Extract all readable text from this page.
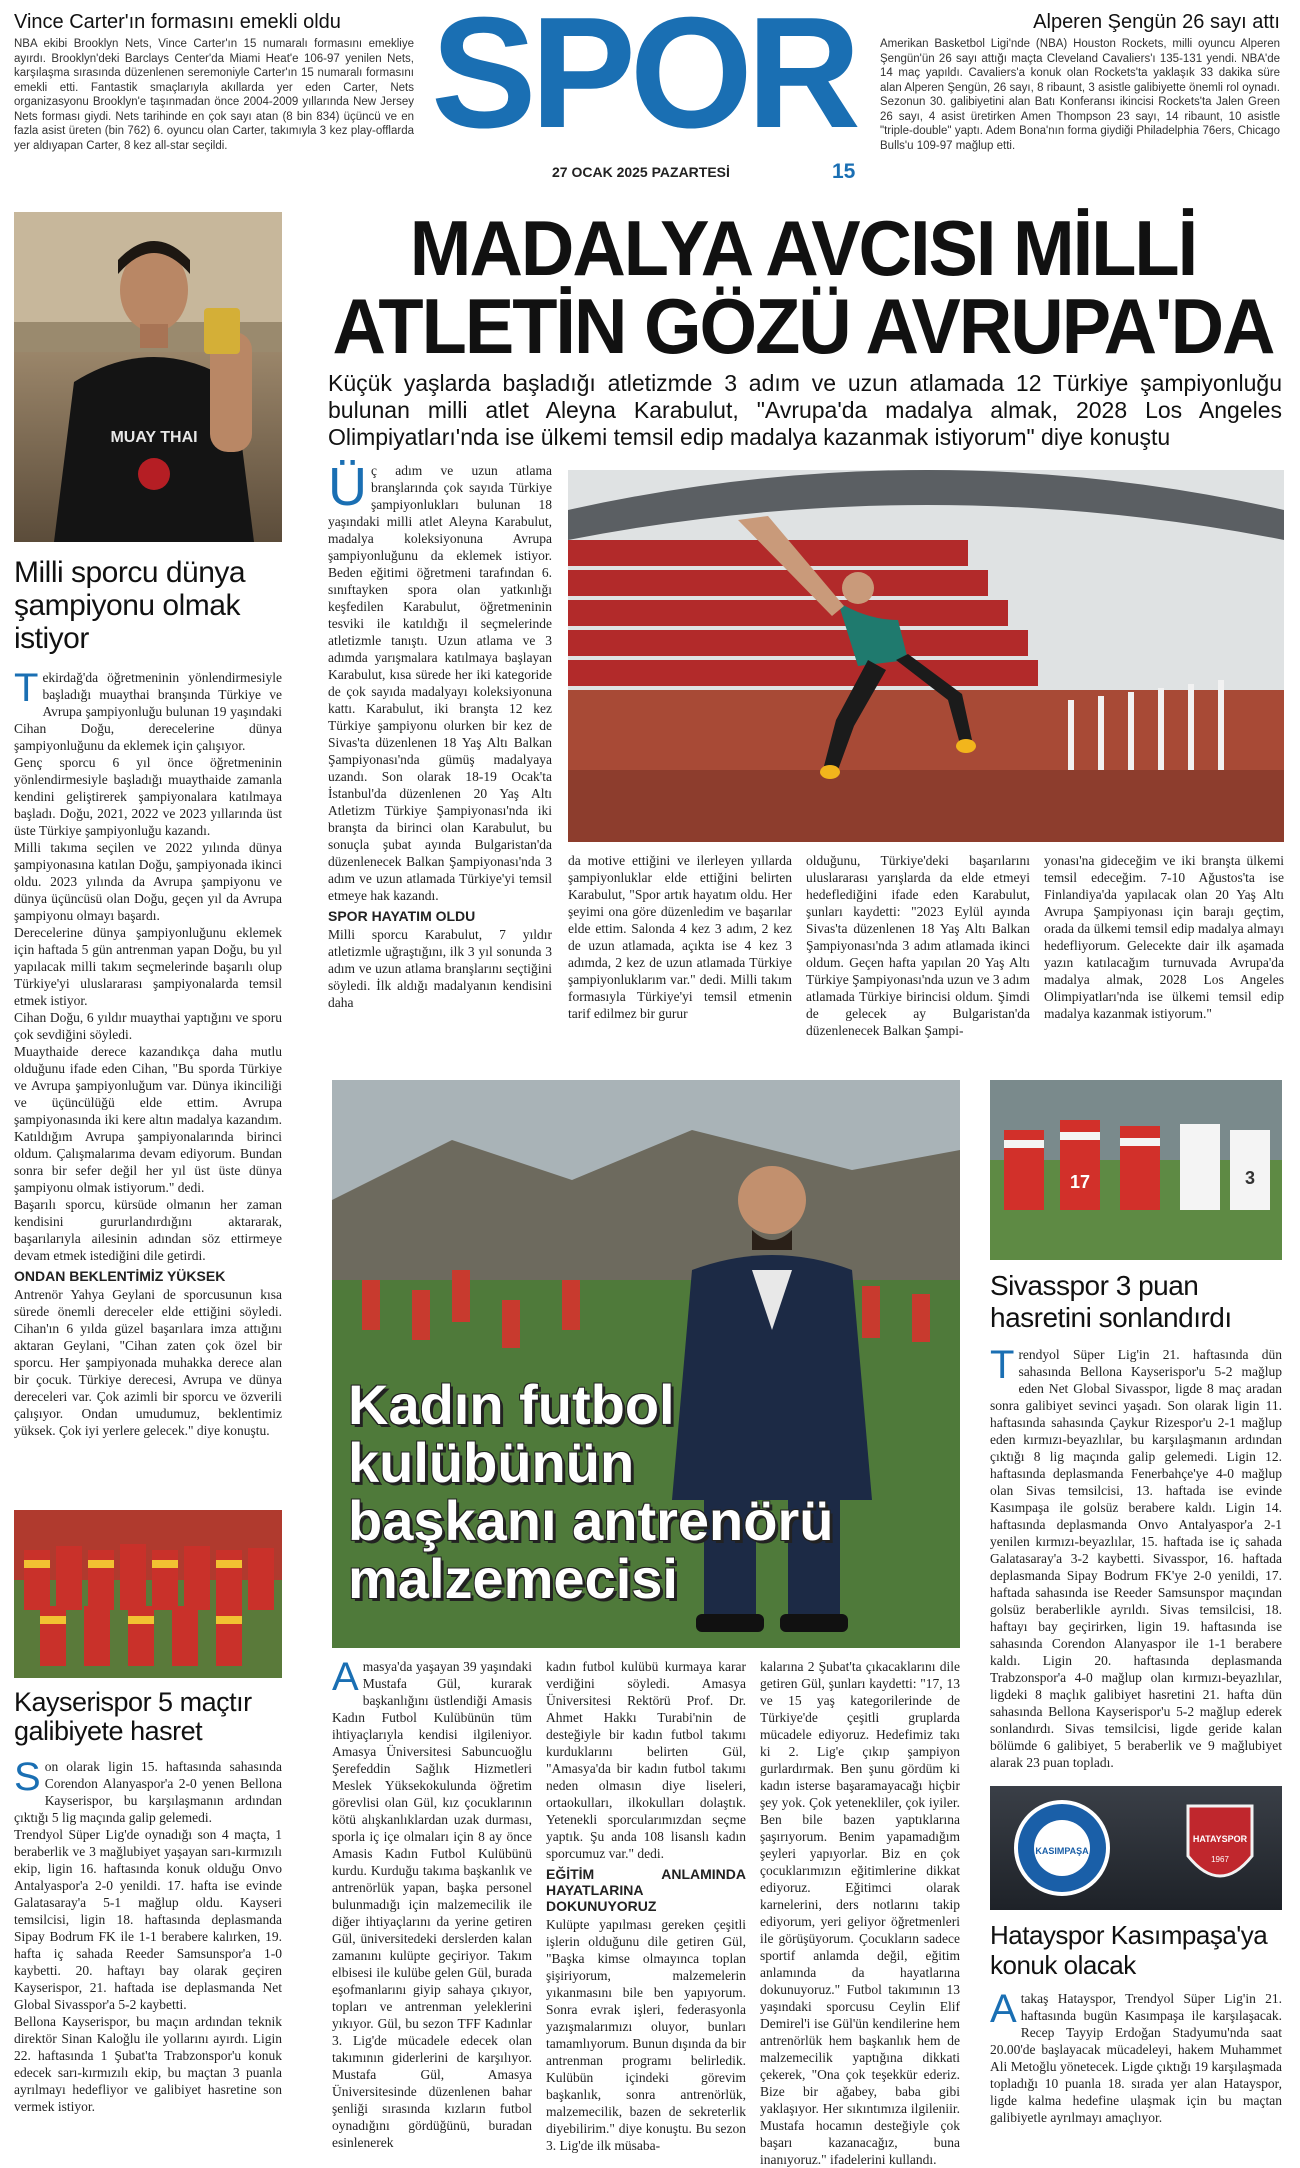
Vince Carter'ın formasını emekli oldu
NBA ekibi Brooklyn Nets, Vince Carter'ın 15 numaralı formasını emekliye ayırdı. Brooklyn'deki Barclays Center'da Miami Heat'e 106-97 yenilen Nets, karşılaşma sırasında düzenlenen seremoniyle Carter'ın 15 numaralı formasını emekli etti. Fantastik smaçlarıyla akıllarda yer eden Carter, Nets organizasyonu Brooklyn'e taşınmadan önce 2004-2009 yıllarında New Jersey Nets forması giydi. Nets tarihinde en çok sayı atan (8 bin 834) üçüncü ve en fazla asist üreten (bin 762) 6. oyuncu olan Carter, takımıyla 3 kez play-offlarda yer aldıyapan Carter, 8 kez all-star seçildi.	SPOR
27 OCAK 2025 PAZARTESİ	15
Alperen Şengün 26 sayı attı
Amerikan Basketbol Ligi'nde (NBA) Houston Rockets, milli oyuncu Alperen Şengün'ün 26 sayı attığı maçta Cleveland Cavaliers'ı 135-131 yendi. NBA'de 14 maç yapıldı. Cavaliers'a konuk olan Rockets'ta yaklaşık 33 dakika süre alan Alperen Şengün, 26 sayı, 8 ribaunt, 3 asistle galibiyette önemli rol oynadı. Sezonun 30. galibiyetini alan Batı Konferansı ikincisi Rockets'ta Jalen Green 26 sayı, 4 asist üretirken Amen Thompson 23 sayı, 14 ribaunt, 10 asistle "triple-double" yaptı. Adem Bona'nın forma giydiği Philadelphia 76ers, Chicago Bulls'u 109-97 mağlup etti.
MADALYA AVCISI MİLLİ
ATLETİN GÖZÜ AVRUPA'DA
Küçük yaşlarda başladığı atletizmde 3 adım ve uzun atlamada 12 Türkiye şampiyonluğu bulunan milli atlet Aleyna Karabulut, "Avrupa'da madalya almak, 2028 Los Angeles Olimpiyatları'nda ise ülkemi temsil edip madalya kazanmak istiyorum" diye konuştu
MUAY THAI
Milli sporcu dünya şampiyonu olmak istiyor

Tekirdağ'da öğretmeninin yönlendirmesiyle başladığı muaythai branşında Türkiye ve Avrupa şampiyonluğu bulunan 19 yaşındaki Cihan Doğu, derecelerine dünya şampiyonluğunu da eklemek için çalışıyor.

Genç sporcu 6 yıl önce öğretmeninin yönlendirmesiyle başladığı muaythaide zamanla kendini geliştirerek şampiyonalara katılmaya başladı. Doğu, 2021, 2022 ve 2023 yıllarında üst üste Türkiye şampiyonluğu kazandı.

Milli takıma seçilen ve 2022 yılında dünya şampiyonasına katılan Doğu, şampiyonada ikinci oldu. 2023 yılında da Avrupa şampiyonu ve dünya üçüncüsü olan Doğu, geçen yıl da Avrupa şampiyonu olmayı başardı.

Derecelerine dünya şampiyonluğunu eklemek için haftada 5 gün antrenman yapan Doğu, bu yıl yapılacak milli takım seçmelerinde başarılı olup Türkiye'yi uluslararası şampiyonalarda temsil etmek istiyor.

Cihan Doğu, 6 yıldır muaythai yaptığını ve sporu çok sevdiğini söyledi.

Muaythaide derece kazandıkça daha mutlu olduğunu ifade eden Cihan, "Bu sporda Türkiye ve Avrupa şampiyonluğum var. Dünya ikinciliği ve üçüncülüğü elde ettim. Avrupa şampiyonasında iki kere altın madalya kazandım. Katıldığım Avrupa şampiyonalarında birinci oldum. Çalışmalarıma devam ediyorum. Bundan sonra bir sefer değil her yıl üst üste dünya şampiyonu olmak istiyorum." dedi.

Başarılı sporcu, kürsüde olmanın her zaman kendisini gururlandırdığını aktararak, başarılarıyla ailesinin adından söz ettirmeye devam etmek istediğini dile getirdi.

ONDAN BEKLENTİMİZ YÜKSEK

Antrenör Yahya Geylani de sporcusunun kısa sürede önemli dereceler elde ettiğini söyledi. Cihan'ın 6 yılda güzel başarılara imza attığını aktaran Geylani, "Cihan zaten çok özel bir sporcu. Her şampiyonada muhakka derece alan bir çocuk. Türkiye derecesi, Avrupa ve dünya dereceleri var. Çok azimli bir sporcu ve özverili çalışıyor. Ondan umudumuz, beklentimiz yüksek. Çok iyi yerlere gelecek." diye konuştu.

Kayserispor 5 maçtır galibiyete hasret

Son olarak ligin 15. haftasında sahasında Corendon Alanyaspor'a 2-0 yenen Bellona Kayserispor, bu karşılaşmanın ardından çıktığı 5 lig maçında galip gelemedi.

Trendyol Süper Lig'de oynadığı son 4 maçta, 1 beraberlik ve 3 mağlubiyet yaşayan sarı-kırmızılı ekip, ligin 16. haftasında konuk olduğu Onvo Antalyaspor'a 2-0 yenildi. 17. hafta ise evinde Galatasaray'a 5-1 mağlup oldu. Kayseri temsilcisi, ligin 18. haftasında deplasmanda Sipay Bodrum FK ile 1-1 berabere kalırken, 19. hafta iç sahada Reeder Samsunspor'a 1-0 kaybetti. 20. haftayı bay olarak geçiren Kayserispor, 21. haftada ise deplasmanda Net Global Sivasspor'a 5-2 kaybetti.

Bellona Kayserispor, bu maçın ardından teknik direktör Sinan Kaloğlu ile yollarını ayırdı. Ligin 22. haftasında 1 Şubat'ta Trabzonspor'u konuk edecek sarı-kırmızılı ekip, bu maçtan 3 puanla ayrılmayı hedefliyor ve galibiyet hasretine son vermek istiyor.

Üç adım ve uzun atlama branşlarında çok sayıda Türkiye şampiyonlukları bulunan 18 yaşındaki milli atlet Aleyna Karabulut, madalya koleksiyonuna Avrupa şampiyonluğunu da eklemek istiyor. Beden eğitimi öğretmeni tarafından 6. sınıftayken spora olan yatkınlığı keşfedilen Karabulut, öğretmeninin tesviki ile katıldığı il seçmelerinde atletizmle tanıştı. Uzun atlama ve 3 adımda yarışmalara katılmaya başlayan Karabulut, kısa sürede her iki kategoride de çok sayıda madalyayı koleksiyonuna kattı. Karabulut, iki branşta 12 kez Türkiye şampiyonu olurken bir kez de Sivas'ta düzenlenen 18 Yaş Altı Balkan Şampiyonası'nda gümüş madalyaya uzandı. Son olarak 18-19 Ocak'ta İstanbul'da düzenlenen 20 Yaş Altı Atletizm Türkiye Şampiyonası'nda iki branşta da birinci olan Karabulut, bu sonuçla şubat ayında Bulgaristan'da düzenlenecek Balkan Şampiyonası'nda 3 adım ve uzun atlamada Türkiye'yi temsil etmeye hak kazandı.

SPOR HAYATIM OLDU

Milli sporcu Karabulut, 7 yıldır atletizmle uğraştığını, ilk 3 yıl sonunda 3 adım ve uzun atlama branşlarını seçtiğini söyledi. İlk aldığı madalyanın kendisini daha

da motive ettiğini ve ilerleyen yıllarda şampiyonluklar elde ettiğini belirten Karabulut, "Spor artık hayatım oldu. Her şeyimi ona göre düzenledim ve başarılar elde ettim. Salonda 4 kez 3 adım, 2 kez de uzun atlamada, açıkta ise 4 kez 3 adımda, 2 kez de uzun atlamada Türkiye şampiyonluklarım var." dedi. Milli takım formasıyla Türkiye'yi temsil etmenin tarif edilmez bir gurur
olduğunu, Türkiye'deki başarılarını uluslararası yarışlarda da elde etmeyi hedeflediğini ifade eden Karabulut, şunları kaydetti: "2023 Eylül ayında Sivas'ta düzenlenen 18 Yaş Altı Balkan Şampiyonası'nda 3 adım atlamada ikinci oldum. Geçen hafta yapılan 20 Yaş Altı Türkiye Şampiyonası'nda uzun ve 3 adım atlamada Türkiye birincisi oldum. Şimdi de gelecek ay Bulgaristan'da düzenlenecek Balkan Şampi-
yonası'na gideceğim ve iki branşta ülkemi temsil edeceğim. 7-10 Ağustos'ta ise Finlandiya'da yapılacak olan 20 Yaş Altı Avrupa Şampiyonası için barajı geçtim, orada da ülkemi temsil edip madalya almayı hedefliyorum. Gelecekte dair ilk aşamada yazın katılacağım turnuvada Avrupa'da madalya almak, 2028 Los Angeles Olimpiyatları'nda ise ülkemi temsil edip madalya kazanmak istiyorum."
Kadın futbol kulübünün başkanı antrenörü malzemecisi

Amasya'da yaşayan 39 yaşındaki Mustafa Gül, kurarak başkanlığını üstlendiği Amasis Kadın Futbol Kulübünün tüm ihtiyaçlarıyla kendisi ilgileniyor. Amasya Üniversitesi Sabuncuoğlu Şerefeddin Sağlık Hizmetleri Meslek Yüksekokulunda öğretim görevlisi olan Gül, kız çocuklarının kötü alışkanlıklardan uzak durması, sporla iç içe olmaları için 8 ay önce Amasis Kadın Futbol Kulübünü kurdu. Kurduğu takıma başkanlık ve antrenörlük yapan, başka personel bulunmadığı için malzemecilik ile diğer ihtiyaçlarını da yerine getiren Gül, üniversitedeki derslerden kalan zamanını kulüpte geçiriyor. Takım elbisesi ile kulübe gelen Gül, burada eşofmanlarını giyip sahaya çıkıyor, topları ve antrenman yeleklerini yıkıyor. Gül, bu sezon TFF Kadınlar 3. Lig'de mücadele edecek olan takımının giderlerini de karşılıyor. Mustafa Gül, Amasya Üniversitesinde düzenlenen bahar şenliği sırasında kızların futbol oynadığını gördüğünü, buradan esinlenerek

kadın futbol kulübü kurmaya karar verdiğini söyledi. Amasya Üniversitesi Rektörü Prof. Dr. Ahmet Hakkı Turabi'nin de desteğiyle bir kadın futbol takımı kurduklarını belirten Gül, "Amasya'da bir kadın futbol takımı neden olmasın diye liseleri, ortaokulları, ilkokulları dolaştık. Yetenekli sporcularımızdan seçme yaptık. Şu anda 108 lisanslı kadın sporcumuz var." dedi.

EĞİTİM ANLAMINDA HAYATLARINA DOKUNUYORUZ

Kulüpte yapılması gereken çeşitli işlerin olduğunu dile getiren Gül, "Başka kimse olmayınca toplan şişiriyorum, malzemelerin yıkanmasını bile ben yapıyorum. Sonra evrak işleri, federasyonla yazışmalarımızı oluyor, bunları tamamlıyorum. Bunun dışında da bir antrenman programı belirledik. Kulübün içindeki görevim başkanlık, sonra antrenörlük, malzemecilik, bazen de sekreterlik diyebilirim." diye konuştu. Bu sezon 3. Lig'de ilk müsaba-

kalarına 2 Şubat'ta çıkacaklarını dile getiren Gül, şunları kaydetti: "17, 13 ve 15 yaş kategorilerinde de Türkiye'de çeşitli gruplarda mücadele ediyoruz. Hedefimiz takı ki 2. Lig'e çıkıp şampiyon gurlardırmak. Ben şunu gördüm ki kadın isterse başaramayacağı hiçbir şey yok. Çok yetenekliler, çok iyiler. Ben bile bazen yaptıklarına şaşırıyorum. Benim yapamadığım şeyleri yapıyorlar. Biz en çok çocuklarımızın eğitimlerine dikkat ediyoruz. Eğitimci olarak karnelerini, ders notlarını takip ediyorum, yeri geliyor öğretmenleri ile görüşüyorum. Çocukların sadece sportif anlamda değil, eğitim anlamında da hayatlarına dokunuyoruz." Futbol takımının 13 yaşındaki sporcusu Ceylin Elif Demirel'i ise Gül'ün kendilerine hem antrenörlük hem başkanlık hem de malzemecilik yaptığına dikkati çekerek, "Ona çok teşekkür ederiz. Bize bir ağabey, baba gibi yaklaşıyor. Her sıkıntımıza ilgileniir. Mustafa hocamın desteğiyle çok başarı kazanacağız, buna inanıyoruz." ifadelerini kullandı.
17	3
Sivasspor 3 puan hasretini sonlandırdı

Trendyol Süper Lig'in 21. haftasında dün sahasında Bellona Kayserispor'u 5-2 mağlup eden Net Global Sivasspor, ligde 8 maç aradan sonra galibiyet sevinci yaşadı. Son olarak ligin 11. haftasında sahasında Çaykur Rizespor'u 2-1 mağlup eden kırmızı-beyazlılar, bu karşılaşmanın ardından çıktığı 8 lig maçında galip gelemedi. Ligin 12. haftasında deplasmanda Fenerbahçe'ye 4-0 mağlup olan Sivas temsilcisi, 13. haftada ise evinde Kasımpaşa ile golsüz berabere kaldı. Ligin 14. haftasında deplasmanda Onvo Antalyaspor'a 2-1 yenilen kırmızı-beyazlılar, 15. haftada ise iç sahada Galatasaray'a 3-2 kaybetti. Sivasspor, 16. haftada deplasmanda Sipay Bodrum FK'ye 2-0 yenildi, 17. haftada sahasında ise Reeder Samsunspor maçından golsüz beraberlikle ayrıldı. Sivas temsilcisi, 18. haftayı bay geçirirken, ligin 19. haftasında ise sahasında Corendon Alanyaspor ile 1-1 berabere kaldı. Ligin 20. haftasında deplasmanda Trabzonspor'a 4-0 mağlup olan kırmızı-beyazlılar, ligdeki 8 maçlık galibiyet hasretini 21. hafta dün sahasında Bellona Kayserispor'u 5-2 mağlup ederek sonlandırdı. Sivas temsilcisi, ligde geride kalan bölümde 6 galibiyet, 5 beraberlik ve 9 mağlubiyet alarak 23 puan topladı.

KASIMPAŞA
HATAYSPOR
1967
Hatayspor Kasımpaşa'ya konuk olacak

Atakaş Hatayspor, Trendyol Süper Lig'in 21. haftasında bugün Kasımpaşa ile karşılaşacak. Recep Tayyip Erdoğan Stadyumu'nda saat 20.00'de başlayacak mücadeleyi, hakem Muhammet Ali Metoğlu yönetecek. Ligde çıktığı 19 karşılaşmada topladığı 10 puanla 18. sırada yer alan Hatayspor, ligde kalma hedefine ulaşmak için bu maçtan galibiyetle ayrılmayı amaçlıyor.
